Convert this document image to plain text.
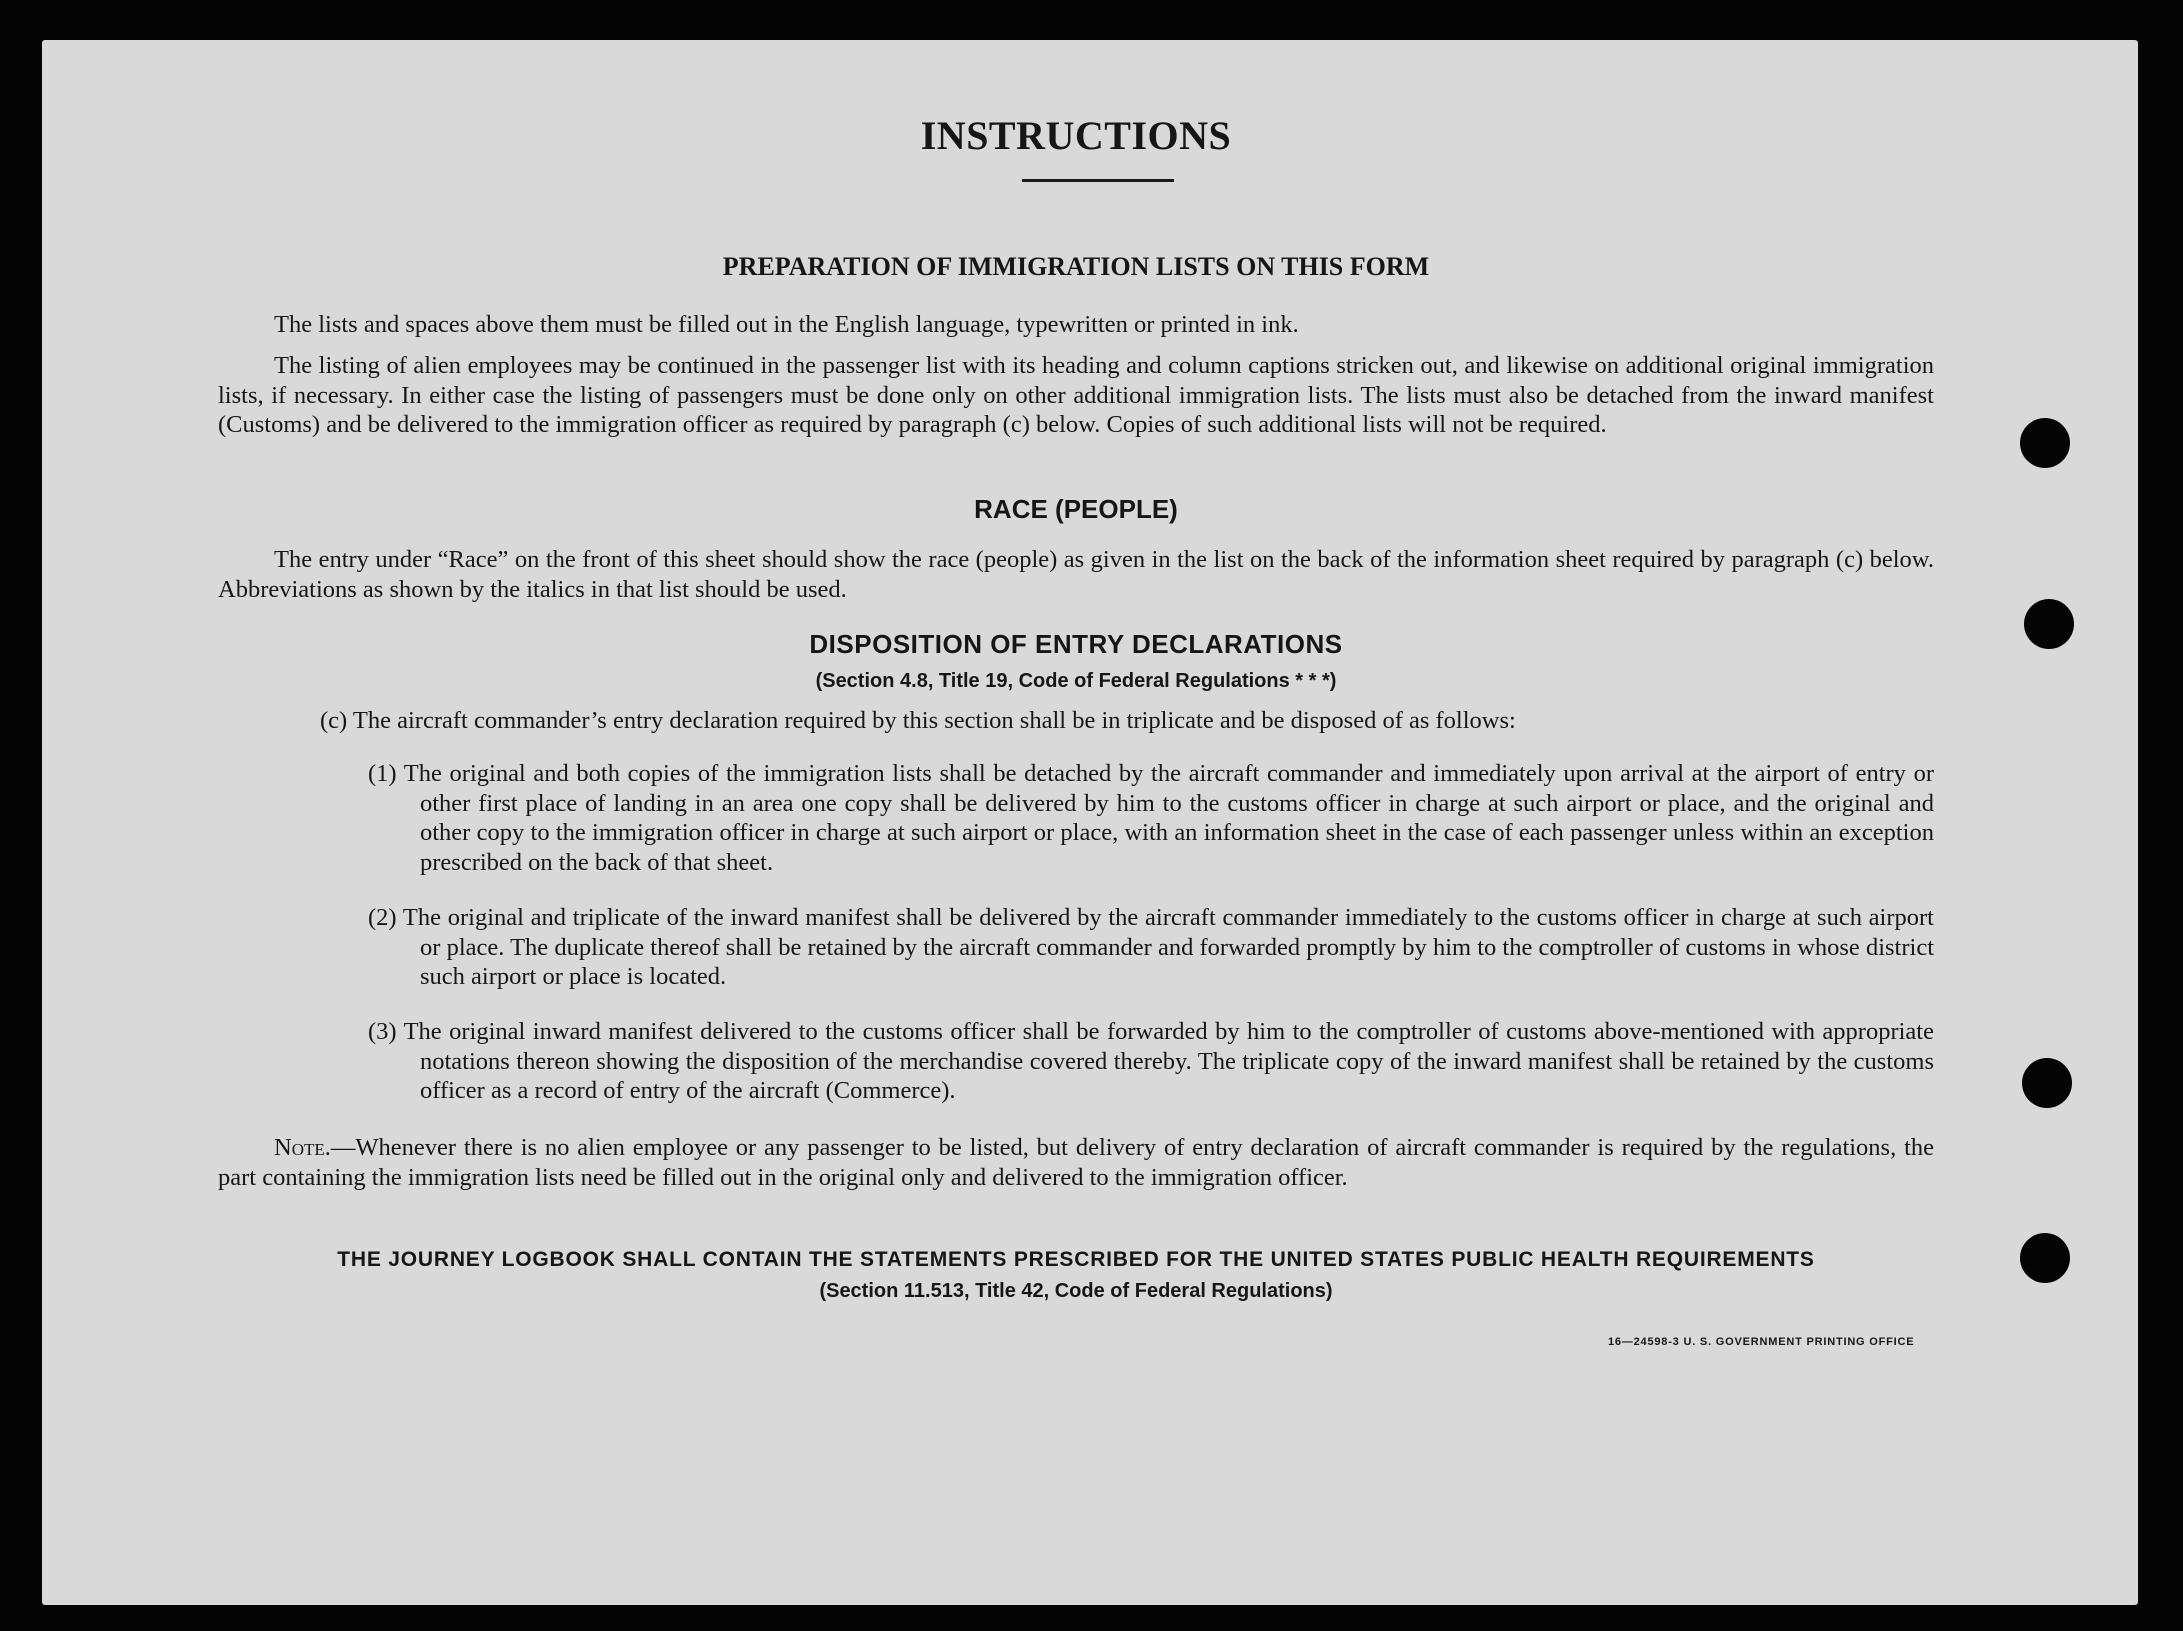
INSTRUCTIONS
PREPARATION OF IMMIGRATION LISTS ON THIS FORM

The lists and spaces above them must be filled out in the English language, typewritten or printed in ink.

The listing of alien employees may be continued in the passenger list with its heading and column captions stricken out, and likewise on additional original immigration lists, if necessary. In either case the listing of passengers must be done only on other additional immigration lists. The lists must also be detached from the inward manifest (Customs) and be delivered to the immigration officer as required by paragraph (c) below. Copies of such additional lists will not be required.

RACE (PEOPLE)

The entry under “Race” on the front of this sheet should show the race (people) as given in the list on the back of the information sheet required by paragraph (c) below. Abbreviations as shown by the italics in that list should be used.

DISPOSITION OF ENTRY DECLARATIONS

(Section 4.8, Title 19, Code of Federal Regulations * * *)

(c) The aircraft commander’s entry declaration required by this section shall be in triplicate and be disposed of as follows:

(1) The original and both copies of the immigration lists shall be detached by the aircraft commander and immediately upon arrival at the airport of entry or other first place of landing in an area one copy shall be delivered by him to the customs officer in charge at such airport or place, and the original and other copy to the immigration officer in charge at such airport or place, with an information sheet in the case of each passenger unless within an exception prescribed on the back of that sheet.

(2) The original and triplicate of the inward manifest shall be delivered by the aircraft commander immediately to the customs officer in charge at such airport or place. The duplicate thereof shall be retained by the aircraft commander and forwarded promptly by him to the comptroller of customs in whose district such airport or place is located.

(3) The original inward manifest delivered to the customs officer shall be forwarded by him to the comptroller of customs above-mentioned with appropriate notations thereon showing the disposition of the merchandise covered thereby. The triplicate copy of the inward manifest shall be retained by the customs officer as a record of entry of the aircraft (Commerce).

Note.—Whenever there is no alien employee or any passenger to be listed, but delivery of entry declaration of aircraft commander is required by the regulations, the part containing the immigration lists need be filled out in the original only and delivered to the immigration officer.

THE JOURNEY LOGBOOK SHALL CONTAIN THE STATEMENTS PRESCRIBED FOR THE UNITED STATES PUBLIC HEALTH REQUIREMENTS

(Section 11.513, Title 42, Code of Federal Regulations)

16—24598-3 U. S. GOVERNMENT PRINTING OFFICE
